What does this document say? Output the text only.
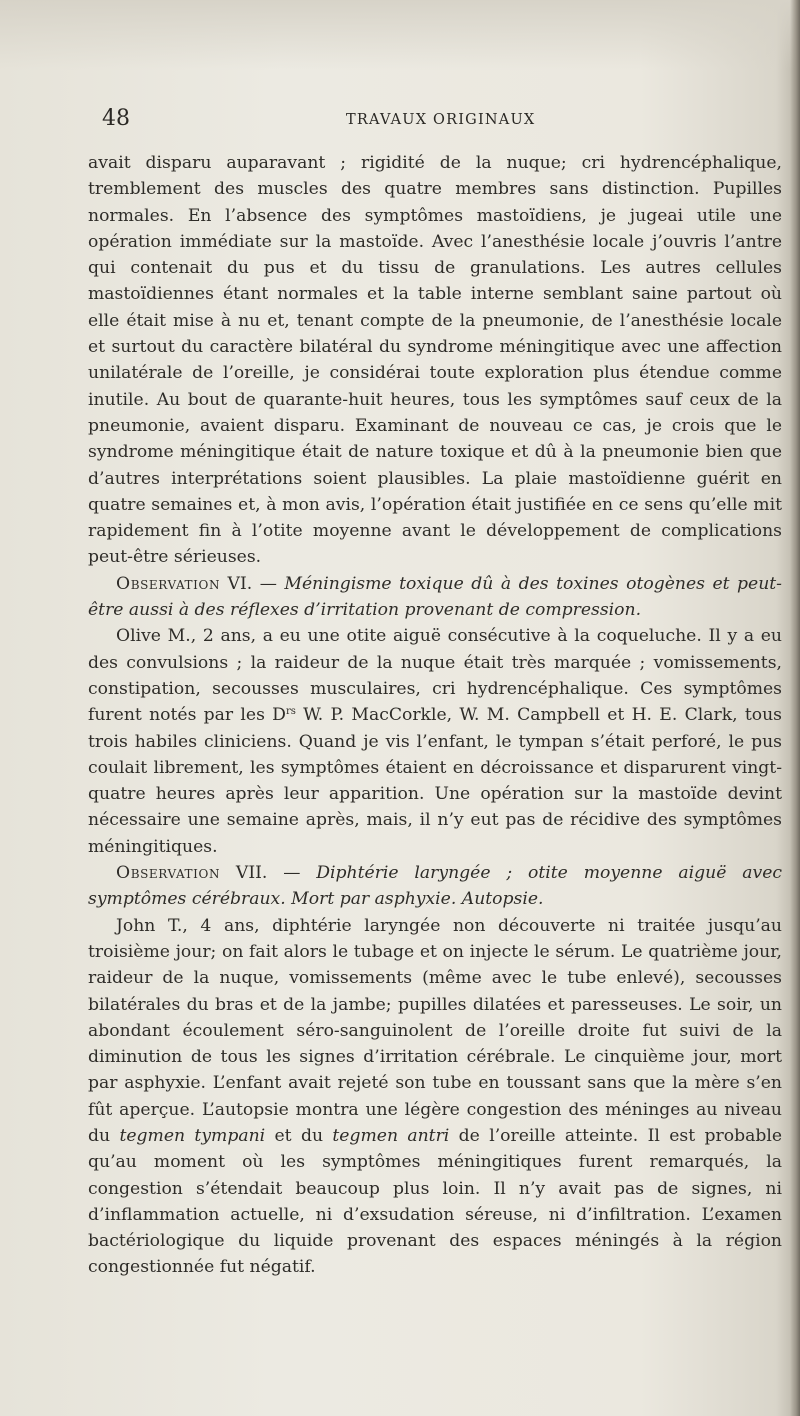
48	TRAVAUX ORIGINAUX

avait disparu auparavant ; rigidité de la nuque; cri hydrencéphalique, tremblement des muscles des quatre membres sans distinction. Pupilles normales. En l’absence des symptômes mastoïdiens, je jugeai utile une opération immédiate sur la mastoïde. Avec l’anesthésie locale j’ouvris l’antre qui contenait du pus et du tissu de granulations. Les autres cellules mastoïdiennes étant normales et la table interne semblant saine partout où elle était mise à nu et, tenant compte de la pneumonie, de l’anesthésie locale et surtout du caractère bilatéral du syndrome méningitique avec une affection unilatérale de l’oreille, je considérai toute exploration plus étendue comme inutile. Au bout de quarante-huit heures, tous les symptômes sauf ceux de la pneumonie, avaient disparu. Examinant de nouveau ce cas, je crois que le syndrome méningitique était de nature toxique et dû à la pneumonie bien que d’autres interprétations soient plausibles. La plaie mastoïdienne guérit en quatre semaines et, à mon avis, l’opération était justifiée en ce sens qu’elle mit rapidement fin à l’otite moyenne avant le développement de complications peut-être sérieuses.

Observation VI. — Méningisme toxique dû à des toxines otogènes et peut-être aussi à des réflexes d’irritation provenant de compression.

Olive M., 2 ans, a eu une otite aiguë consécutive à la coqueluche. Il y a eu des convulsions ; la raideur de la nuque était très marquée ; vomissements, constipation, secousses musculaires, cri hydrencéphalique. Ces symptômes furent notés par les $D^{rs}$ W. P. MacCorkle, W. M. Campbell et H. E. Clark, tous trois habiles cliniciens. Quand je vis l’enfant, le tympan s’était perforé, le pus coulait librement, les symptômes étaient en décroissance et disparurent vingt-quatre heures après leur apparition. Une opération sur la mastoïde devint nécessaire une semaine après, mais, il n’y eut pas de récidive des symptômes méningitiques.

Observation VII. — Diphtérie laryngée ; otite moyenne aiguë avec symptômes cérébraux. Mort par asphyxie. Autopsie.

John T., 4 ans, diphtérie laryngée non découverte ni traitée jusqu’au troisième jour; on fait alors le tubage et on injecte le sérum. Le quatrième jour, raideur de la nuque, vomissements (même avec le tube enlevé), secousses bilatérales du bras et de la jambe; pupilles dilatées et paresseuses. Le soir, un abondant écoulement séro-sanguinolent de l’oreille droite fut suivi de la diminution de tous les signes d’irritation cérébrale. Le cinquième jour, mort par asphyxie. L’enfant avait rejeté son tube en toussant sans que la mère s’en fût aperçue. L’autopsie montra une légère congestion des méninges au niveau du tegmen tympani et du tegmen antri de l’oreille atteinte. Il est probable qu’au moment où les symptômes méningitiques furent remarqués, la congestion s’étendait beaucoup plus loin. Il n’y avait pas de signes, ni d’inflammation actuelle, ni d’exsudation séreuse, ni d’infiltration. L’examen bactériologique du liquide provenant des espaces méningés à la région congestionnée fut négatif.
